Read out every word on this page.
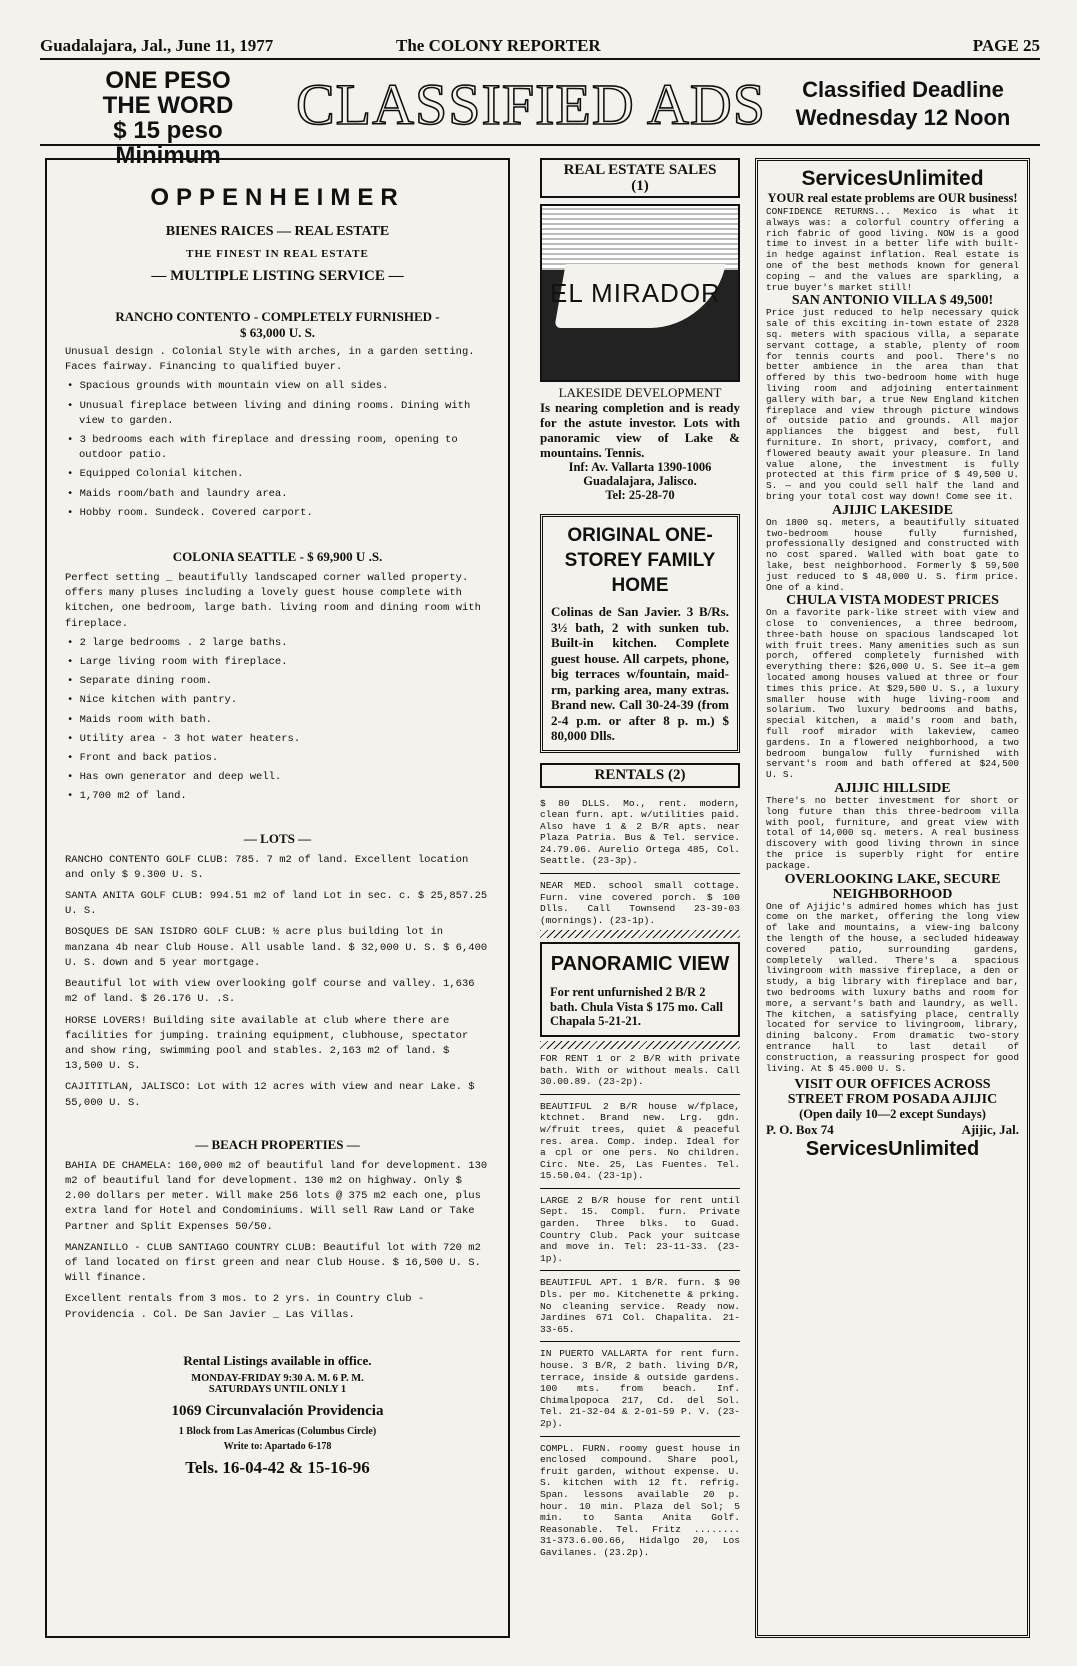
Guadalajara, Jal., June 11, 1977	The COLONY REPORTER	PAGE 25
ONE PESO
THE WORD
$ 15 peso Minimum
CLASSIFIED ADS	Classified Deadline
Wednesday 12 Noon
OPPENHEIMER
BIENES RAICES — REAL ESTATE
THE FINEST IN REAL ESTATE
— MULTIPLE LISTING SERVICE —
RANCHO CONTENTO - COMPLETELY FURNISHED -
$ 63,000 U. S.
Unusual design . Colonial Style with arches, in a garden setting. Faces fairway. Financing to qualified buyer.
• Spacious grounds with mountain view on all sides.
• Unusual fireplace between living and dining rooms. Dining with view to garden.
• 3 bedrooms each with fireplace and dressing room, opening to outdoor patio.
• Equipped Colonial kitchen.
• Maids room/bath and laundry area.
• Hobby room. Sundeck. Covered carport.
COLONIA SEATTLE - $ 69,900 U .S.
Perfect setting _ beautifully landscaped corner walled property. offers many pluses including a lovely guest house complete with kitchen, one bedroom, large bath. living room and dining room with fireplace.
• 2 large bedrooms . 2 large baths.
• Large living room with fireplace.
• Separate dining room.
• Nice kitchen with pantry.
• Maids room with bath.
• Utility area - 3 hot water heaters.
• Front and back patios.
• Has own generator and deep well.
• 1,700 m2 of land.
— LOTS —
RANCHO CONTENTO GOLF CLUB: 785. 7 m2 of land. Excellent location and only $ 9.300 U. S.
SANTA ANITA GOLF CLUB: 994.51 m2 of land Lot in sec. c. $ 25,857.25 U. S.
BOSQUES DE SAN ISIDRO GOLF CLUB: ½ acre plus building lot in manzana 4b near Club House. All usable land. $ 32,000 U. S. $ 6,400 U. S. down and 5 year mortgage.
Beautiful lot with view overlooking golf course and valley. 1,636 m2 of land. $ 26.176 U. .S.
HORSE LOVERS! Building site available at club where there are facilities for jumping. training equipment, clubhouse, spectator and show ring, swimming pool and stables. 2,163 m2 of land. $ 13,500 U. S.
CAJITITLAN, JALISCO: Lot with 12 acres with view and near Lake. $ 55,000 U. S.
— BEACH PROPERTIES —
BAHIA DE CHAMELA: 160,000 m2 of beautiful land for development. 130 m2 of beautiful land for development. 130 m2 on highway. Only $ 2.00 dollars per meter. Will make 256 lots @ 375 m2 each one, plus extra land for Hotel and Condominiums. Will sell Raw Land or Take Partner and Split Expenses 50/50.
MANZANILLO - CLUB SANTIAGO COUNTRY CLUB: Beautiful lot with 720 m2 of land located on first green and near Club House. $ 16,500 U. S. Will finance.
Excellent rentals from 3 mos. to 2 yrs. in Country Club - Providencia . Col. De San Javier _ Las Villas.
Rental Listings available in office.
MONDAY-FRIDAY 9:30 A. M. 6 P. M.
SATURDAYS UNTIL ONLY 1
1069 Circunvalación Providencia
1 Block from Las Americas (Columbus Circle)
Write to: Apartado 6-178
Tels. 16-04-42 & 15-16-96
REAL ESTATE SALES
(1)
EL MIRADOR
LAKESIDE DEVELOPMENT
Is nearing completion and is ready for the astute investor. Lots with panoramic view of Lake & mountains. Tennis.
Inf: Av. Vallarta 1390-1006 Guadalajara, Jalisco.
Tel: 25-28-70
ORIGINAL ONE-STOREY FAMILY HOME
Colinas de San Javier. 3 B/Rs. 3½ bath, 2 with sunken tub. Built-in kitchen. Complete guest house. All carpets, phone, big terraces w/fountain, maid-rm, parking area, many extras. Brand new. Call 30-24-39 (from 2-4 p.m. or after 8 p. m.) $ 80,000 Dlls.
RENTALS (2)
$ 80 DLLS. Mo., rent. modern, clean furn. apt. w/utilities paid. Also have 1 & 2 B/R apts. near Plaza Patria. Bus & Tel. service. 24.79.06. Aurelio Ortega 485, Col. Seattle. (23-3p).
NEAR MED. school small cottage. Furn. vine covered porch. $ 100 Dlls. Call Townsend 23-39-03 (mornings). (23-1p).
PANORAMIC VIEW
For rent unfurnished 2 B/R 2 bath. Chula Vista $ 175 mo. Call Chapala 5-21-21.
FOR RENT 1 or 2 B/R with private bath. With or without meals. Call 30.00.89. (23-2p).
BEAUTIFUL 2 B/R house w/fplace, ktchnet. Brand new. Lrg. gdn. w/fruit trees, quiet & peaceful res. area. Comp. indep. Ideal for a cpl or one pers. No children. Circ. Nte. 25, Las Fuentes. Tel. 15.50.04. (23-1p).
LARGE 2 B/R house for rent until Sept. 15. Compl. furn. Private garden. Three blks. to Guad. Country Club. Pack your suitcase and move in. Tel: 23-11-33. (23-1p).
BEAUTIFUL APT. 1 B/R. furn. $ 90 Dls. per mo. Kitchenette & prking. No cleaning service. Ready now. Jardines 671 Col. Chapalita. 21-33-65.
IN PUERTO VALLARTA for rent furn. house. 3 B/R, 2 bath. living D/R, terrace, inside & outside gardens. 100 mts. from beach. Inf. Chimalpopoca 217, Cd. del Sol. Tel. 21-32-04 & 2-01-59 P. V. (23-2p).
COMPL. FURN. roomy guest house in enclosed compound. Share pool, fruit garden, without expense. U. S. kitchen with 12 ft. refrig. Span. lessons available 20 p. hour. 10 min. Plaza del Sol; 5 min. to Santa Anita Golf. Reasonable. Tel. Fritz ........ 31-373.6.00.66, Hidalgo 20, Los Gavilanes. (23.2p).
ServicesUnlimited
YOUR real estate problems are OUR business!
CONFIDENCE RETURNS... Mexico is what it always was: a colorful country offering a rich fabric of good living. NOW is a good time to invest in a better life with built-in hedge against inflation. Real estate is one of the best methods known for general coping — and the values are sparkling, a true buyer's market still!
SAN ANTONIO VILLA $ 49,500!
Price just reduced to help necessary quick sale of this exciting in-town estate of 2328 sq. meters with spacious villa, a separate servant cottage, a stable, plenty of room for tennis courts and pool. There's no better ambience in the area than that offered by this two-bedroom home with huge living room and adjoining entertainment gallery with bar, a true New England kitchen fireplace and view through picture windows of outside patio and grounds. All major appliances the biggest and best, full furniture. In short, privacy, comfort, and flowered beauty await your pleasure. In land value alone, the investment is fully protected at this firm price of $ 49,500 U. S. — and you could sell half the land and bring your total cost way down! Come see it.
AJIJIC LAKESIDE
On 1800 sq. meters, a beautifully situated two-bedroom house fully furnished, professionally designed and constructed with no cost spared. Walled with boat gate to lake, best neighborhood. Formerly $ 59,500 just reduced to $ 48,000 U. S. firm price. One of a kind.
CHULA VISTA MODEST PRICES
On a favorite park-like street with view and close to conveniences, a three bedroom, three-bath house on spacious landscaped lot with fruit trees. Many amenities such as sun porch, offered completely furnished with everything there: $26,000 U. S. See it—a gem located among houses valued at three or four times this price. At $29,500 U. S., a luxury smaller house with huge living-room and solarium. Two luxury bedrooms and baths, special kitchen, a maid's room and bath, full roof mirador with lakeview, cameo gardens. In a flowered neighborhood, a two bedroom bungalow fully furnished with servant's room and bath offered at $24,500 U. S.
AJIJIC HILLSIDE
There's no better investment for short or long future than this three-bedroom villa with pool, furniture, and great view with total of 14,000 sq. meters. A real business discovery with good living thrown in since the price is superbly right for entire package.
OVERLOOKING LAKE, SECURE NEIGHBORHOOD
One of Ajijic's admired homes which has just come on the market, offering the long view of lake and mountains, a view-ing balcony the length of the house, a secluded hideaway covered patio, surrounding gardens, completely walled. There's a spacious livingroom with massive fireplace, a den or study, a big library with fireplace and bar, two bedrooms with luxury baths and room for more, a servant's bath and laundry, as well. The kitchen, a satisfying place, centrally located for service to livingroom, library, dining balcony. From dramatic two-story entrance hall to last detail of construction, a reassuring prospect for good living. At $ 45.000 U. S.
VISIT OUR OFFICES ACROSS STREET FROM POSADA AJIJIC
(Open daily 10—2 except Sundays)
P. O. Box 74	Ajijic, Jal.
ServicesUnlimited
